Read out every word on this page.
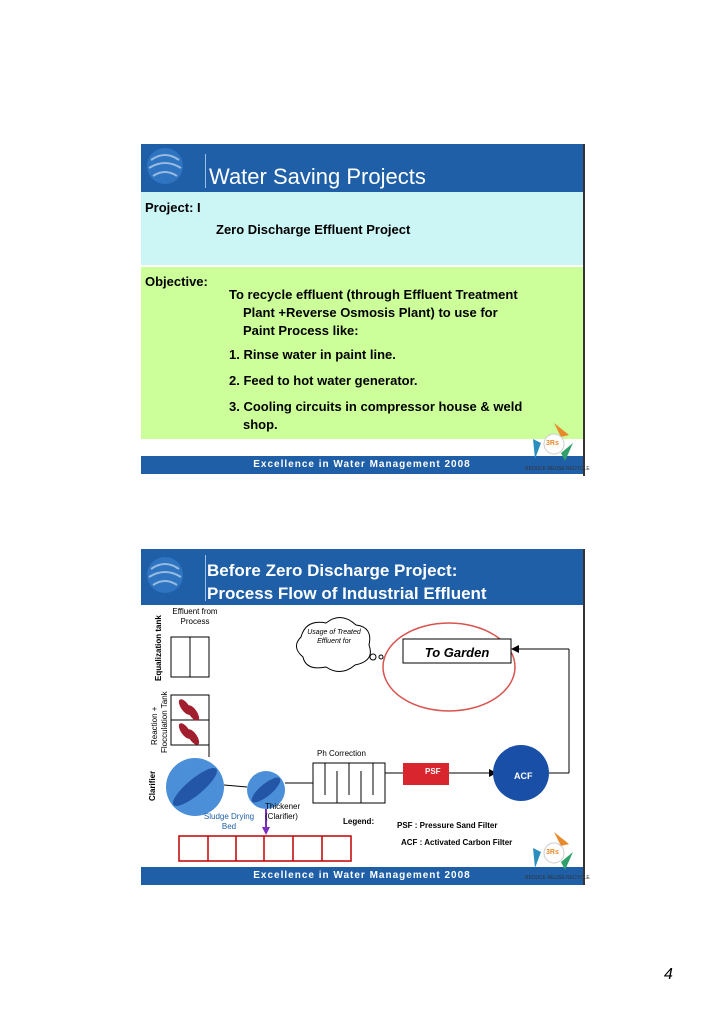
Water Saving Projects
Project: I
Zero Discharge Effluent Project
Objective:
To recycle effluent (through Effluent Treatment
Plant +Reverse Osmosis Plant) to use for
Paint Process like:
1. Rinse water in paint line.
2. Feed to hot water generator.
3. Cooling circuits in compressor house & weld
shop.
Excellence in Water Management 2008
3Rs
REDUCE REUSE RECYCLE
Before Zero Discharge Project:
Process Flow of Industrial Effluent
Effluent from Process
Equalization tank
Reaction + Flocculation Tank
Clarifier
Usage of Treated Effluent for
To Garden
Ph Correction
PSF	ACF
Thickener (Clarifier)
Sludge Drying Bed
Legend:	PSF : Pressure Sand Filter
ACF : Activated Carbon Filter
Excellence in Water Management 2008
3Rs
REDUCE REUSE RECYCLE
4
